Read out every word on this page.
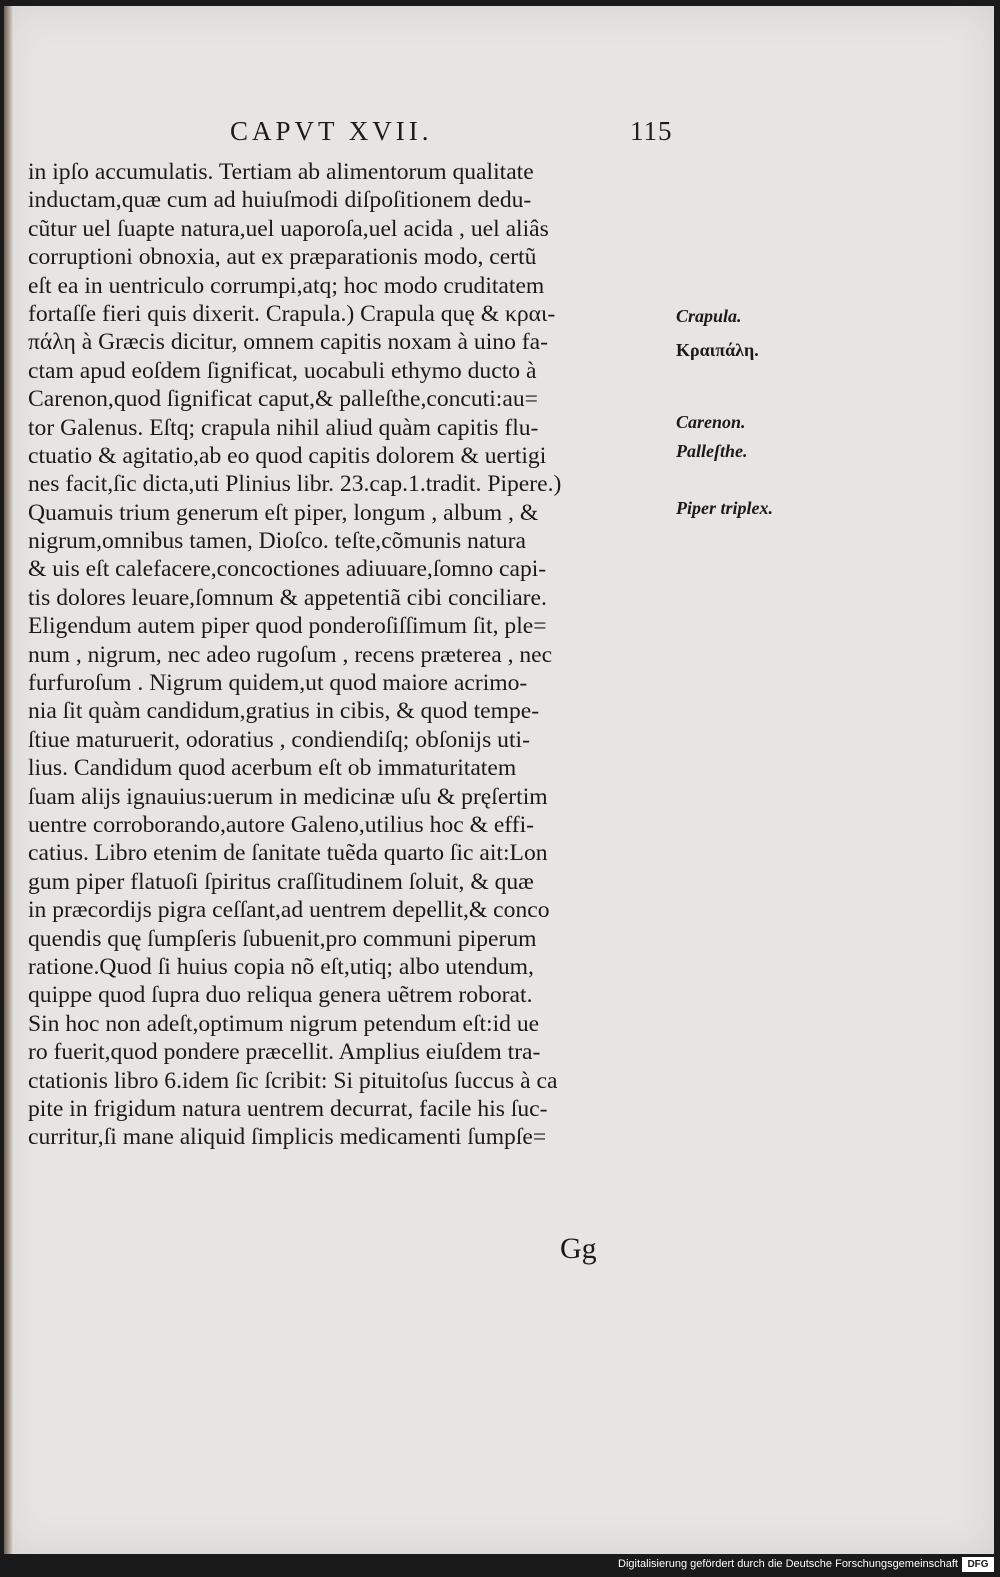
CAPVT XVII.	115
in ipſo accumulatis. Tertiam ab alimentorum qualitate
inductam,quæ cum ad huiuſmodi diſpoſitionem dedu-
cũtur uel ſuapte natura,uel uaporoſa,uel acida , uel aliâs
corruptioni obnoxia, aut ex præparationis modo, certũ
eſt ea in uentriculo corrumpi,atq; hoc modo cruditatem
fortaſſe fieri quis dixerit. Crapula.) Crapula quę & κραι-
πάλη à Græcis dicitur, omnem capitis noxam à uino fa-
ctam apud eoſdem ſignificat, uocabuli ethymo ducto à
Carenon,quod ſignificat caput,& palleſthe,concuti:au=
tor Galenus. Eſtq; crapula nihil aliud quàm capitis flu-
ctuatio & agitatio,ab eo quod capitis dolorem & uertigi
nes facit,ſic dicta,uti Plinius libr. 23.cap.1.tradit. Pipere.)
Quamuis trium generum eſt piper, longum , album , &
nigrum,omnibus tamen, Dioſco. teſte,cõmunis natura
& uis eſt calefacere,concoctiones adiuuare,ſomno capi-
tis dolores leuare,ſomnum & appetentiã cibi conciliare.
Eligendum autem piper quod ponderoſiſſimum ſit, ple=
num , nigrum, nec adeo rugoſum , recens præterea , nec
furfuroſum . Nigrum quidem,ut quod maiore acrimo-
nia ſit quàm candidum,gratius in cibis, & quod tempe-
ſtiue maturuerit, odoratius , condiendiſq; obſonijs uti-
lius. Candidum quod acerbum eſt ob immaturitatem
ſuam alijs ignauius:uerum in medicinæ uſu & pręſertim
uentre corroborando,autore Galeno,utilius hoc & effi-
catius. Libro etenim de ſanitate tuẽda quarto ſic ait:Lon
gum piper flatuoſi ſpiritus craſſitudinem ſoluit, & quæ
in præcordijs pigra ceſſant,ad uentrem depellit,& conco
quendis quę ſumpſeris ſubuenit,pro communi piperum
ratione.Quod ſi huius copia nõ eſt,utiq; albo utendum,
quippe quod ſupra duo reliqua genera uẽtrem roborat.
Sin hoc non adeſt,optimum nigrum petendum eſt:id ue
ro fuerit,quod pondere præcellit. Amplius eiuſdem tra-
ctationis libro 6.idem ſic ſcribit: Si pituitoſus ſuccus à ca
pite in frigidum natura uentrem decurrat, facile his ſuc-
curritur,ſi mane aliquid ſimplicis medicamenti ſumpſe=
Crapula.
Κραιπάλη.
Carenon.
Palleſthe.
Piper triplex.
Gg
Digitalisierung gefördert durch die Deutsche Forschungsgemeinschaft DFG
